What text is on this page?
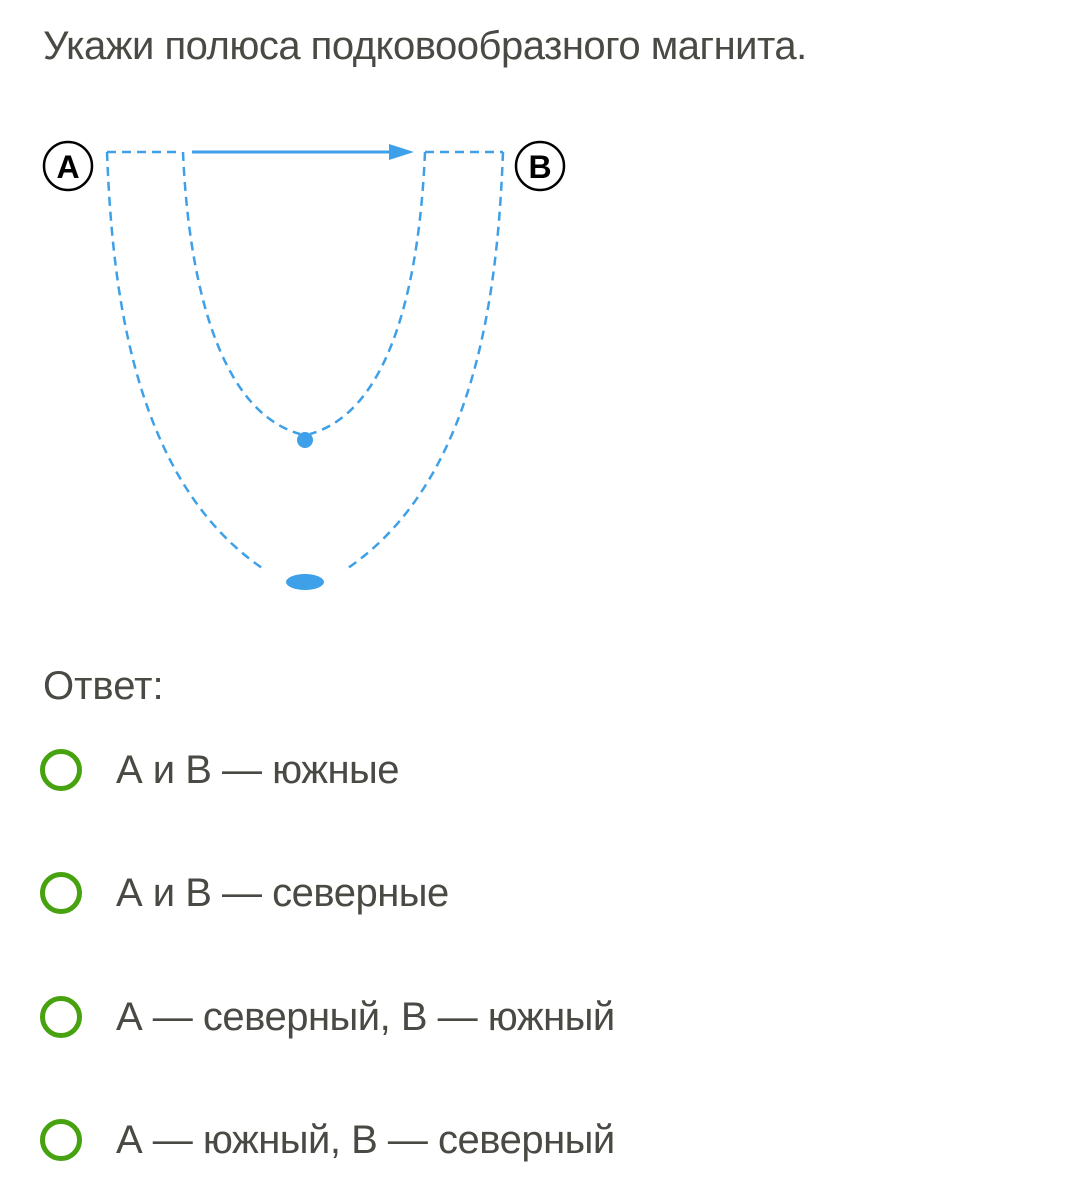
Укажи полюса подковообразного магнита.
A	B
Ответ:
А и В — южные
А и В — северные
А — северный, В — южный
А — южный, В — северный
